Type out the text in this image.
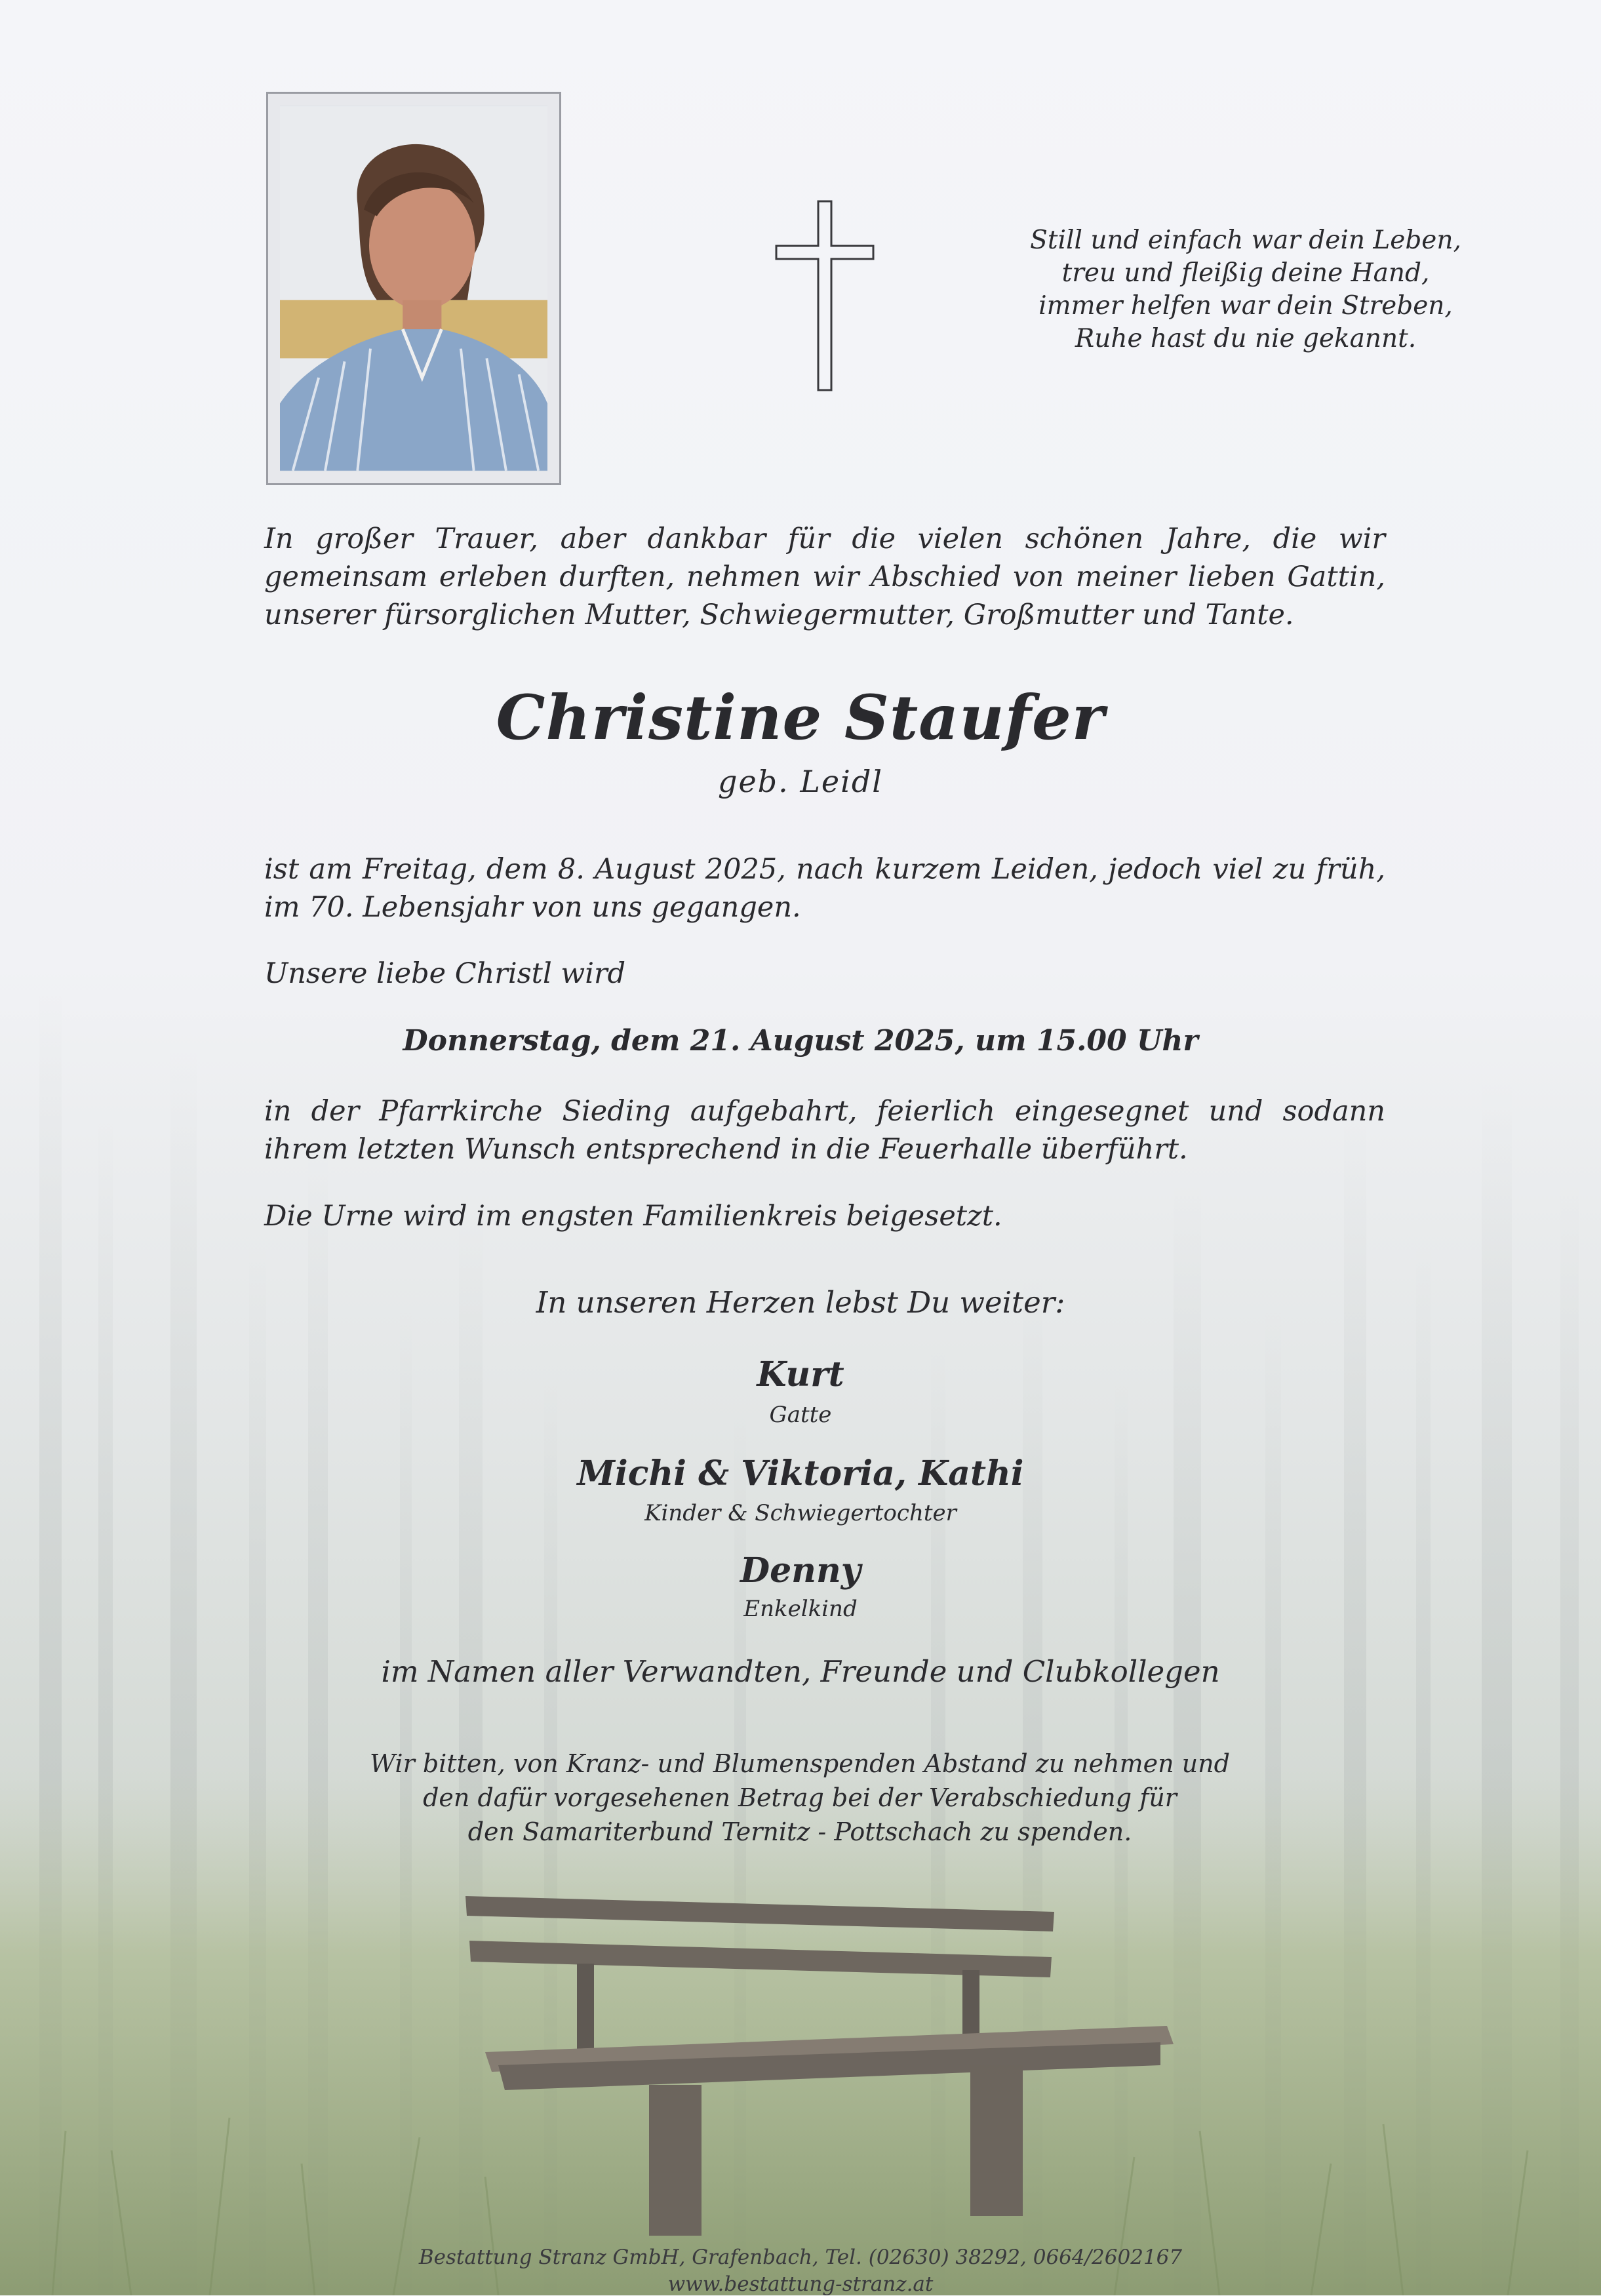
Still und einfach war dein Leben,
treu und fleißig deine Hand,
immer helfen war dein Streben,
Ruhe hast du nie gekannt.
In großer Trauer, aber dankbar für die vielen schönen Jahre, die wir gemeinsam erleben durften, nehmen wir Abschied von meiner lieben Gattin, unserer fürsorglichen Mutter, Schwiegermutter, Großmutter und Tante.
Christine Staufer
geb. Leidl
ist am Freitag, dem 8. August 2025, nach kurzem Leiden, jedoch viel zu früh, im 70. Lebensjahr von uns gegangen.
Unsere liebe Christl wird
Donnerstag, dem 21. August 2025, um 15.00 Uhr
in der Pfarrkirche Sieding aufgebahrt, feierlich eingesegnet und sodann ihrem letzten Wunsch entsprechend in die Feuerhalle überführt.
Die Urne wird im engsten Familienkreis beigesetzt.
In unseren Herzen lebst Du weiter:
Kurt
Gatte
Michi & Viktoria, Kathi
Kinder & Schwiegertochter
Denny
Enkelkind
im Namen aller Verwandten, Freunde und Clubkollegen
Wir bitten, von Kranz- und Blumenspenden Abstand zu nehmen und
den dafür vorgesehenen Betrag bei der Verabschiedung für
den Samariterbund Ternitz - Pottschach zu spenden.
Bestattung Stranz GmbH, Grafenbach, Tel. (02630) 38292, 0664/2602167
www.bestattung-stranz.at
